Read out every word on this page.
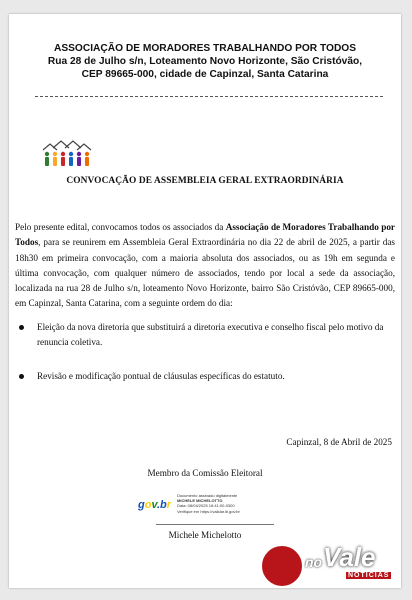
ASSOCIAÇÃO DE MORADORES TRABALHANDO POR TODOS
Rua 28 de Julho s/n, Loteamento Novo Horizonte, São Cristóvão,
CEP 89665-000, cidade de Capinzal, Santa Catarina
CONVOCAÇÃO DE ASSEMBLEIA GERAL EXTRAORDINÁRIA
Pelo presente edital, convocamos todos os associados da Associação de Moradores Trabalhando por Todos, para se reunirem em Assembleia Geral Extraordinária no dia 22 de abril de 2025, a partir das 18h30 em primeira convocação, com a maioria absoluta dos associados, ou as 19h em segunda e última convocação, com qualquer número de associados, tendo por local a sede da associação, localizada na rua 28 de Julho s/n, loteamento Novo Horizonte, bairro São Cristóvão, CEP 89665-000, em Capinzal, Santa Catarina, com a seguinte ordem do dia:
Eleição da nova diretoria que substituirá a diretoria executiva e conselho fiscal pelo motivo da renuncia coletiva.
Revisão e modificação pontual de cláusulas específicas do estatuto.
Capinzal, 8 de Abril de 2025
Membro da Comissão Eleitoral
gov.br
Documento assinado digitalmente
MICHELE MICHELOTTO
Data: 08/04/2025 16:41:00-0300
Verifique em https://validar.iti.gov.br
Michele Michelotto
no Vale
NOTÍCIAS
